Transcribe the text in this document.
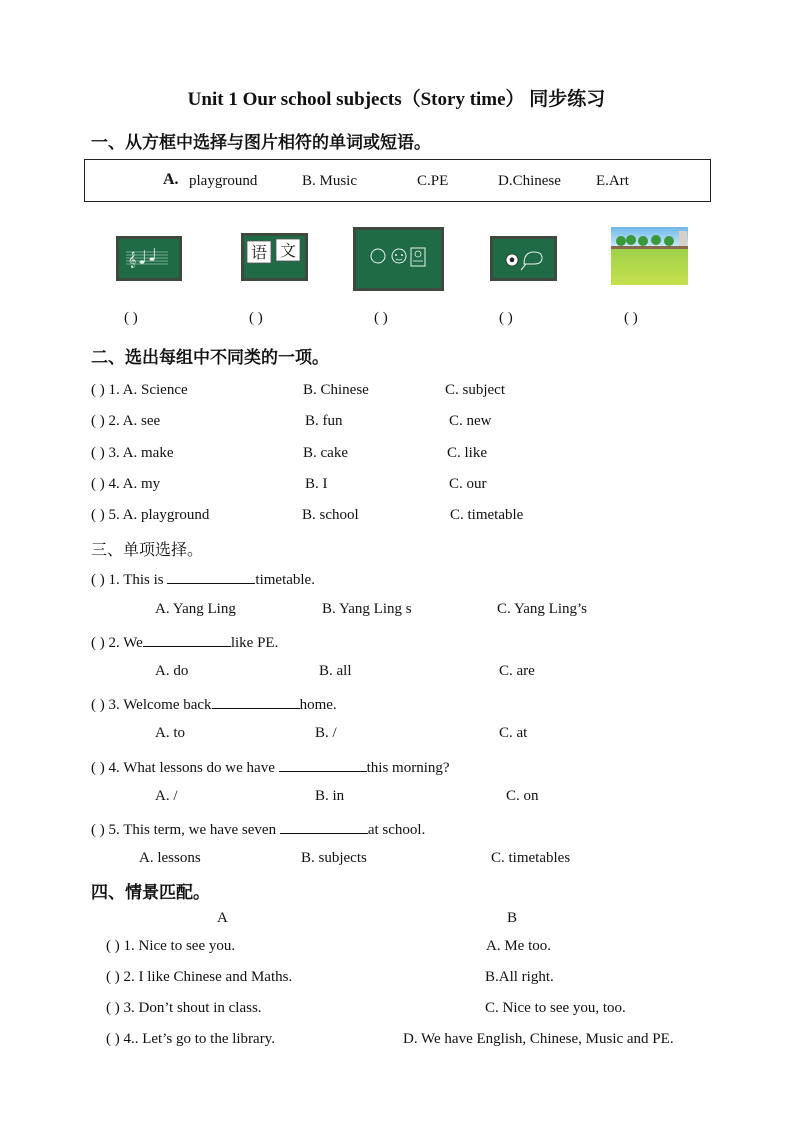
Unit 1 Our school subjects（Story time） 同步练习
一、从方框中选择与图片相符的单词或短语。
A. playground	B. Music	C.PE	D.Chinese E.Art
𝄞	语 文
( )	( )	( )	( )	( )
二、选出每组中不同类的一项。
( ) 1. A. Science	B. Chinese	C. subject
( ) 2. A. see	B. fun	C. new
( ) 3. A. make	B. cake	C. like
( ) 4. A. my	B. I	C. our
( ) 5. A. playground	B. school	C. timetable
三、单项选择。
( ) 1. This is	timetable.
A. Yang Ling	B. Yang Ling s	C. Yang Ling’s
( ) 2. We	like PE.
A. do	B. all	C. are
( ) 3. Welcome back	home.
A. to	B. /	C. at
( ) 4. What lessons do we have	this morning?
A. /	B. in	C. on
( ) 5. This term, we have seven	at school.
A. lessons	B. subjects	C. timetables
四、情景匹配。
A	B
( ) 1. Nice to see you.	A. Me too.
( ) 2. I like Chinese and Maths.	B.All right.
( ) 3. Don’t shout in class.	C. Nice to see you, too.
( ) 4.. Let’s go to the library.	D. We have English, Chinese, Music and PE.
